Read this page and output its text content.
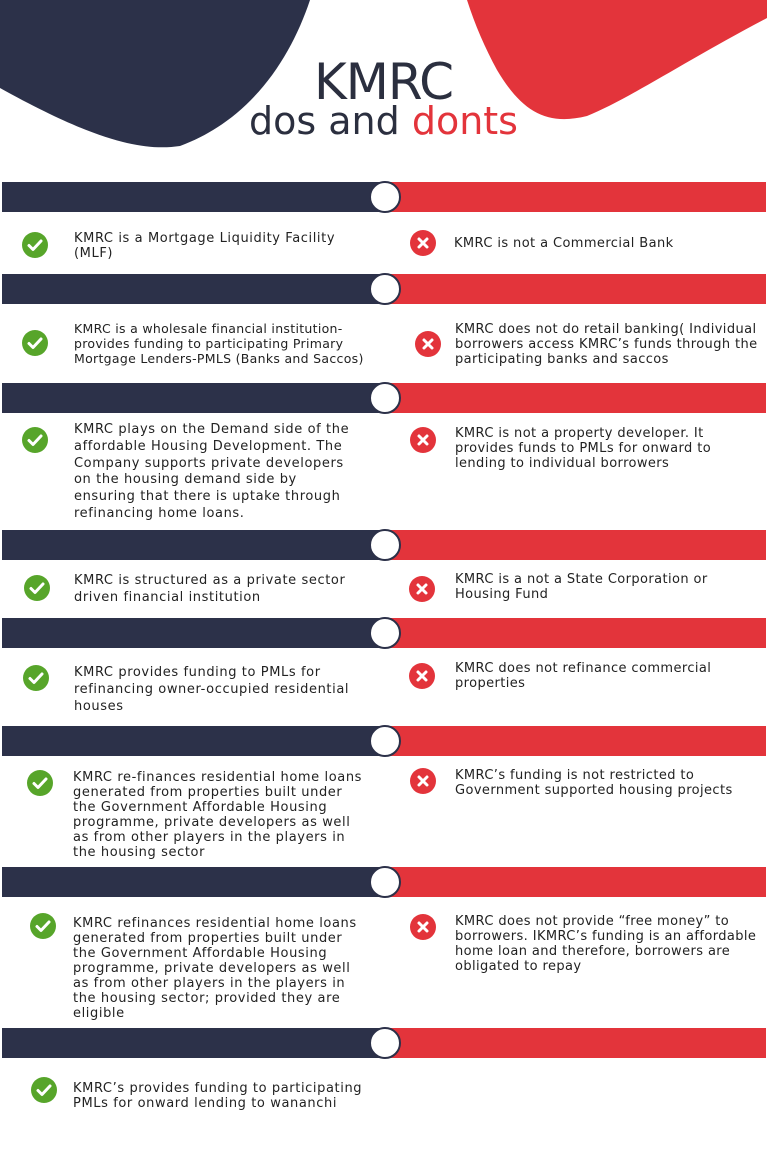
KMRC
dos and donts
KMRC is a Mortgage Liquidity Facility (MLF)
KMRC is not a Commercial Bank
KMRC is a wholesale financial institution- provides funding to participating Primary Mortgage Lenders-PMLS (Banks and Saccos)
KMRC does not do retail banking( Individual borrowers access KMRC’s funds through the participating banks and saccos
KMRC plays on the Demand side of the affordable Housing Development. The Company supports private developers on the housing demand side by ensuring that there is uptake through refinancing home loans.
KMRC is not a property developer. It provides funds to PMLs for onward to lending to individual borrowers
KMRC is structured as a private sector driven financial institution
KMRC is a not a State Corporation or Housing Fund
KMRC provides funding to PMLs for refinancing owner-occupied residential houses
KMRC does not refinance commercial properties
KMRC re-finances residential home loans generated from properties built under the Government Affordable Housing programme, private developers as well as from other players in the players in the housing sector
KMRC’s funding is not restricted to Government supported housing projects
KMRC refinances residential home loans generated from properties built under the Government Affordable Housing programme, private developers as well as from other players in the players in the housing sector; provided they are eligible
KMRC does not provide “free money” to borrowers. IKMRC’s funding is an affordable home loan and therefore, borrowers are obligated to repay
KMRC’s provides funding to participating PMLs for onward lending to wananchi
